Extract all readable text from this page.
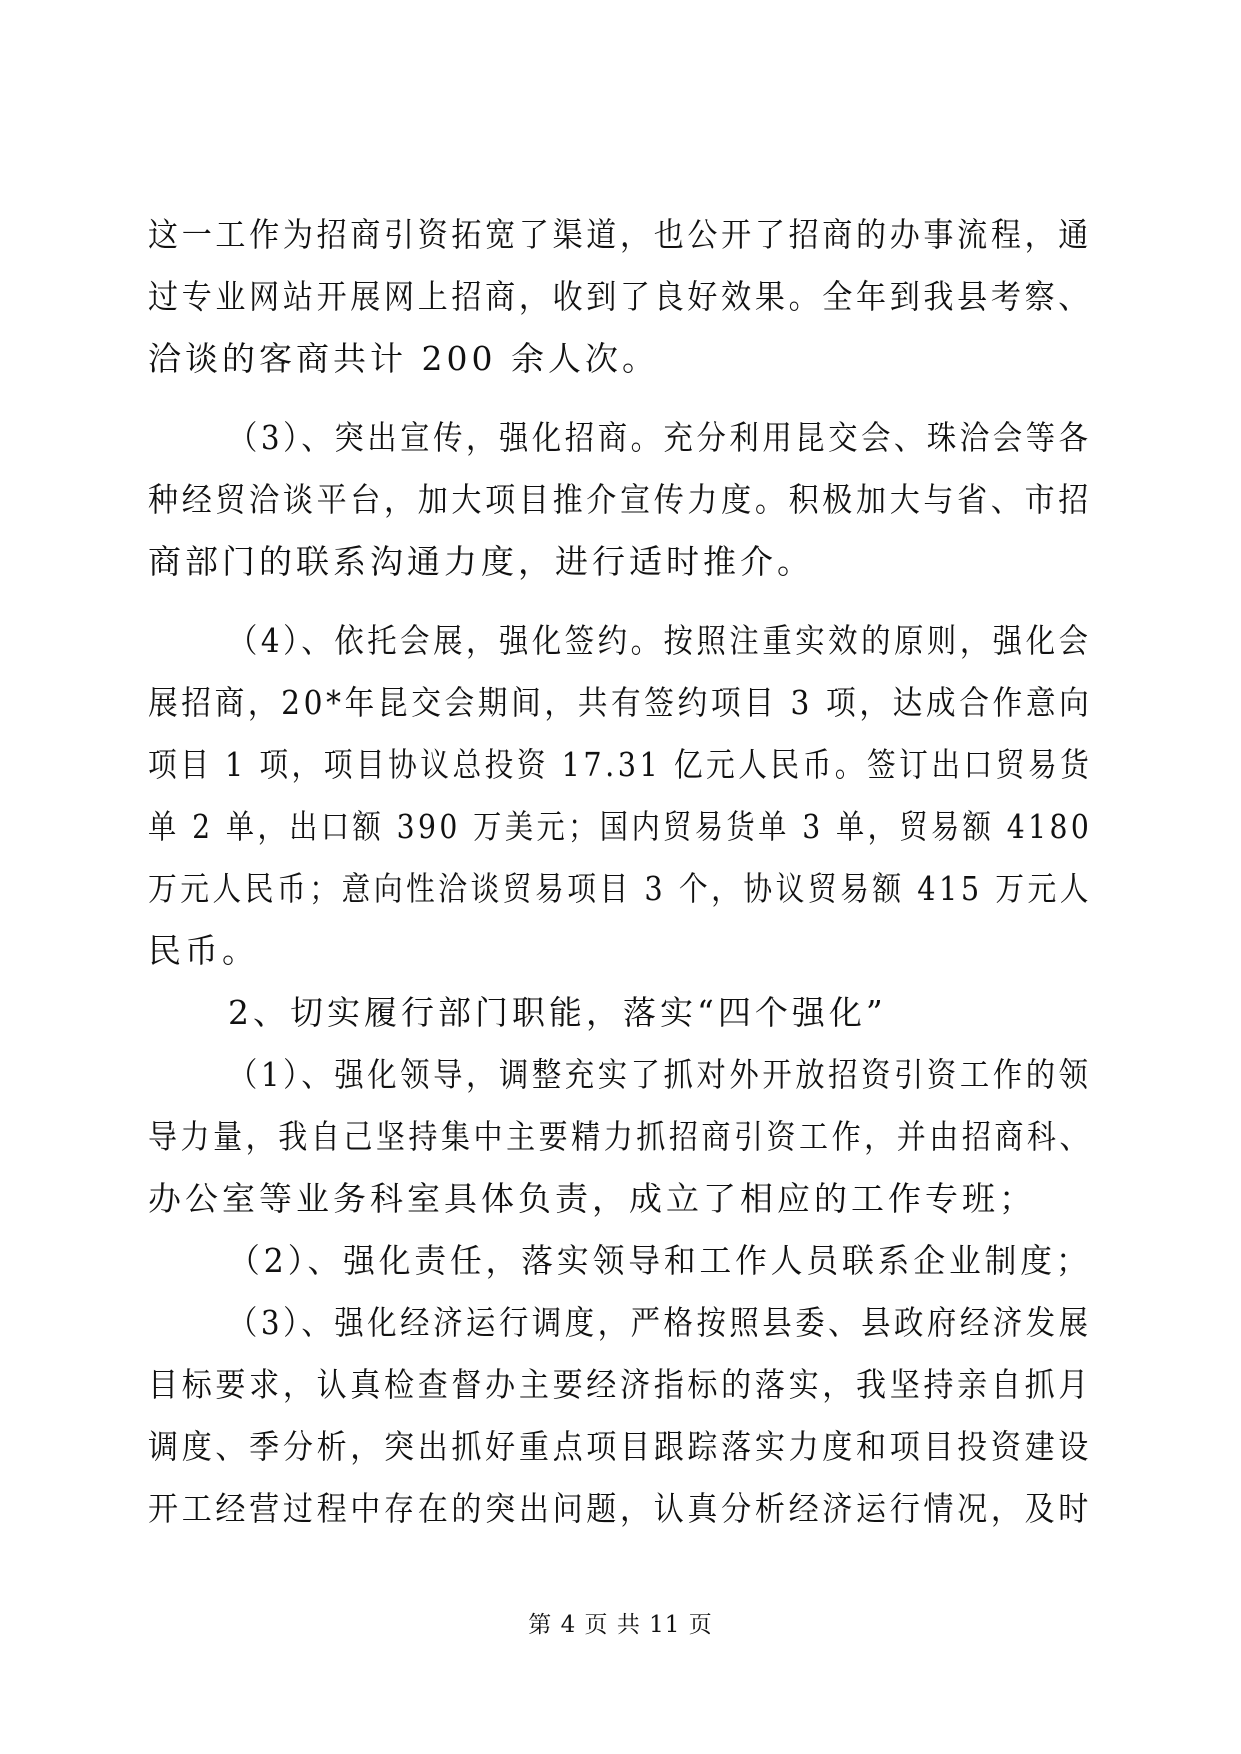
这一工作为招商引资拓宽了渠道，也公开了招商的办事流程，通
过专业网站开展网上招商，收到了良好效果。全年到我县考察、
洽谈的客商共计 200 余人次。
（3）、突出宣传，强化招商。充分利用昆交会、珠洽会等各
种经贸洽谈平台，加大项目推介宣传力度。积极加大与省、市招
商部门的联系沟通力度，进行适时推介。
（4）、依托会展，强化签约。按照注重实效的原则，强化会
展招商，20*年昆交会期间，共有签约项目 3 项，达成合作意向
项目 1 项，项目协议总投资 17.31 亿元人民币。签订出口贸易货
单 2 单，出口额 390 万美元；国内贸易货单 3 单，贸易额 4180
万元人民币；意向性洽谈贸易项目 3 个，协议贸易额 415 万元人
民币。
2、切实履行部门职能，落实“四个强化”
（1）、强化领导，调整充实了抓对外开放招资引资工作的领
导力量，我自己坚持集中主要精力抓招商引资工作，并由招商科、
办公室等业务科室具体负责，成立了相应的工作专班；
（2）、强化责任，落实领导和工作人员联系企业制度；
（3）、强化经济运行调度，严格按照县委、县政府经济发展
目标要求，认真检查督办主要经济指标的落实，我坚持亲自抓月
调度、季分析，突出抓好重点项目跟踪落实力度和项目投资建设
开工经营过程中存在的突出问题，认真分析经济运行情况，及时
第 4 页 共 11 页
